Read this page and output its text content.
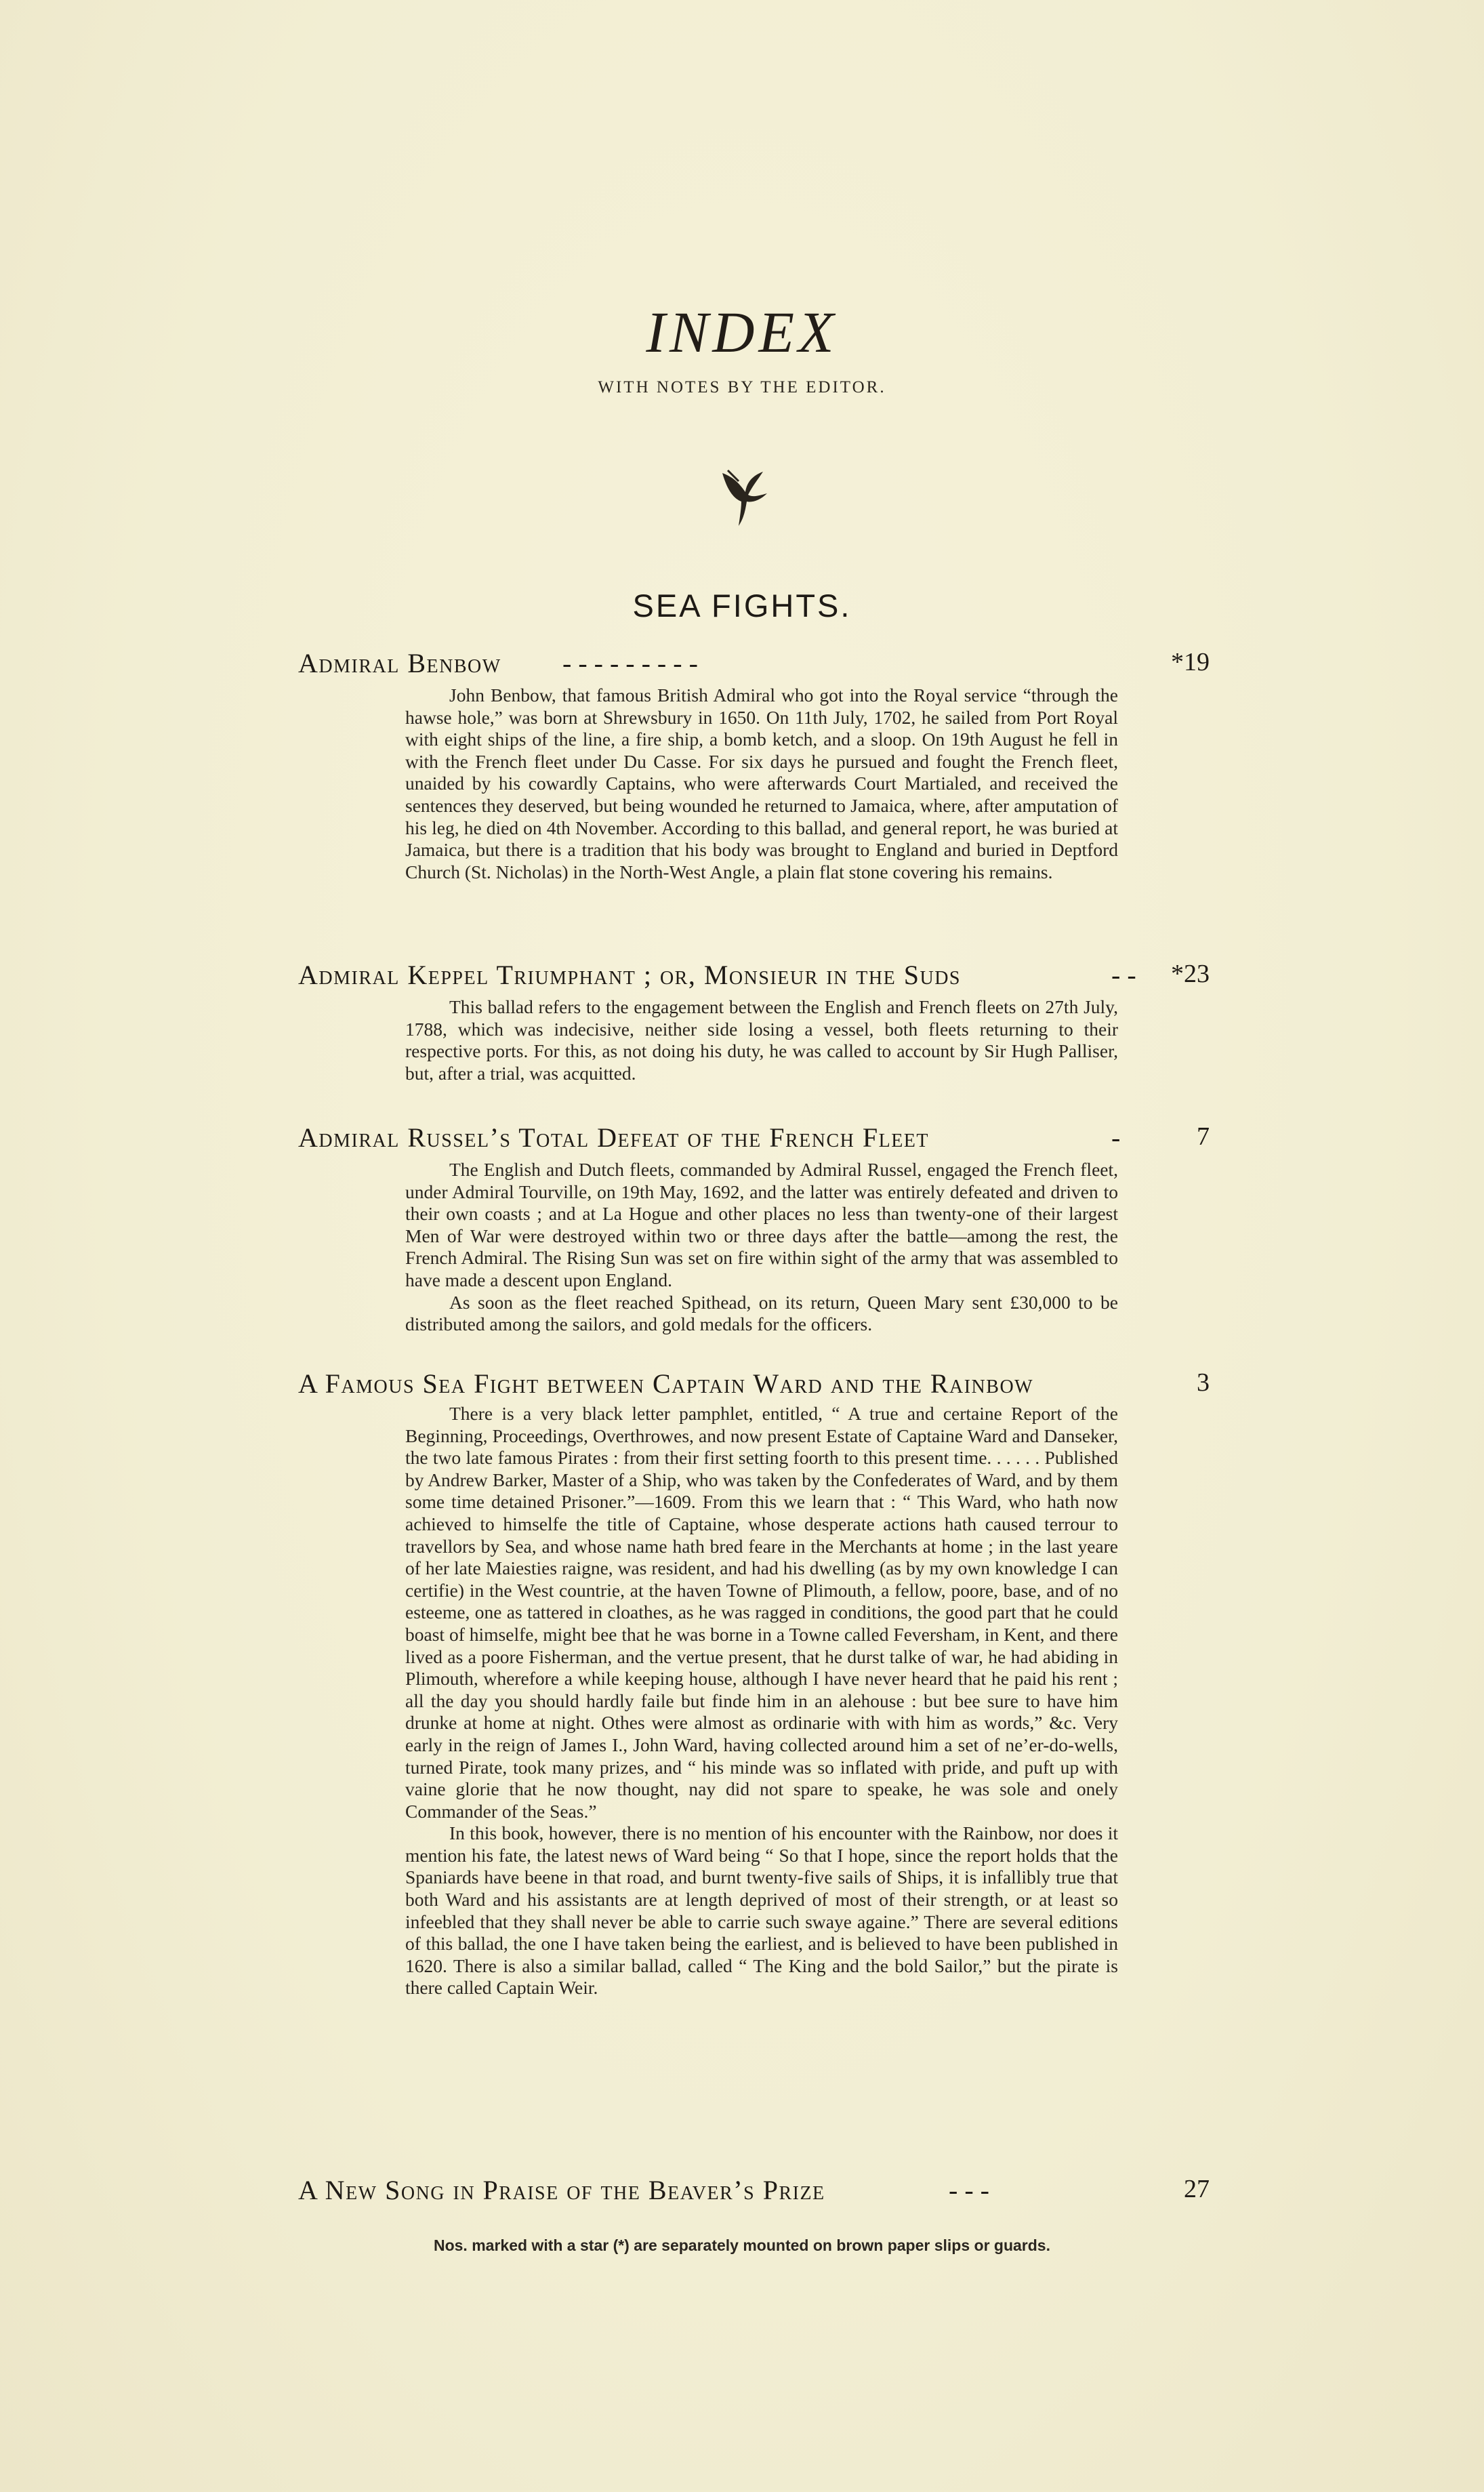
INDEX
WITH NOTES BY THE EDITOR.
SEA FIGHTS.
Admiral Benbow - - - - - - - - -	*19

John Benbow, that famous British Admiral who got into the Royal service “through the hawse hole,” was born at Shrewsbury in 1650. On 11th July, 1702, he sailed from Port Royal with eight ships of the line, a fire ship, a bomb ketch, and a sloop. On 19th August he fell in with the French fleet under Du Casse. For six days he pursued and fought the French fleet, unaided by his cowardly Captains, who were afterwards Court Martialed, and received the sentences they deserved, but being wounded he returned to Jamaica, where, after amputation of his leg, he died on 4th November. According to this ballad, and general report, he was buried at Jamaica, but there is a tradition that his body was brought to England and buried in Deptford Church (St. Nicholas) in the North-West Angle, a plain flat stone covering his remains.

Admiral Keppel Triumphant ; or, Monsieur in the Suds	- - *23

This ballad refers to the engagement between the English and French fleets on 27th July, 1788, which was indecisive, neither side losing a vessel, both fleets returning to their respective ports. For this, as not doing his duty, he was called to account by Sir Hugh Palliser, but, after a trial, was acquitted.

Admiral Russel’s Total Defeat of the French Fleet	-	7

The English and Dutch fleets, commanded by Admiral Russel, engaged the French fleet, under Admiral Tourville, on 19th May, 1692, and the latter was entirely defeated and driven to their own coasts ; and at La Hogue and other places no less than twenty-one of their largest Men of War were destroyed within two or three days after the battle—among the rest, the French Admiral. The Rising Sun was set on fire within sight of the army that was assembled to have made a descent upon England.

As soon as the fleet reached Spithead, on its return, Queen Mary sent £30,000 to be distributed among the sailors, and gold medals for the officers.

A Famous Sea Fight between Captain Ward and the Rainbow	3

There is a very black letter pamphlet, entitled, “ A true and certaine Report of the Beginning, Proceedings, Overthrowes, and now present Estate of Captaine Ward and Danseker, the two late famous Pirates : from their first setting foorth to this present time. . . . . . Published by Andrew Barker, Master of a Ship, who was taken by the Confederates of Ward, and by them some time detained Prisoner.”—1609. From this we learn that : “ This Ward, who hath now achieved to himselfe the title of Captaine, whose desperate actions hath caused terrour to travellors by Sea, and whose name hath bred feare in the Merchants at home ; in the last yeare of her late Maiesties raigne, was resident, and had his dwelling (as by my own knowledge I can certifie) in the West countrie, at the haven Towne of Plimouth, a fellow, poore, base, and of no esteeme, one as tattered in cloathes, as he was ragged in conditions, the good part that he could boast of himselfe, might bee that he was borne in a Towne called Feversham, in Kent, and there lived as a poore Fisherman, and the vertue present, that he durst talke of war, he had abiding in Plimouth, wherefore a while keeping house, although I have never heard that he paid his rent ; all the day you should hardly faile but finde him in an alehouse : but bee sure to have him drunke at home at night. Othes were almost as ordinarie with with him as words,” &c. Very early in the reign of James I., John Ward, having collected around him a set of ne’er-do-wells, turned Pirate, took many prizes, and “ his minde was so inflated with pride, and puft up with vaine glorie that he now thought, nay did not spare to speake, he was sole and onely Commander of the Seas.”

In this book, however, there is no mention of his encounter with the Rainbow, nor does it mention his fate, the latest news of Ward being “ So that I hope, since the report holds that the Spaniards have beene in that road, and burnt twenty-five sails of Ships, it is infallibly true that both Ward and his assistants are at length deprived of most of their strength, or at least so infeebled that they shall never be able to carrie such swaye againe.” There are several editions of this ballad, the one I have taken being the earliest, and is believed to have been published in 1620. There is also a similar ballad, called “ The King and the bold Sailor,” but the pirate is there called Captain Weir.

A New Song in Praise of the Beaver’s Prize	- - -	27
Nos. marked with a star (*) are separately mounted on brown paper slips or guards.
